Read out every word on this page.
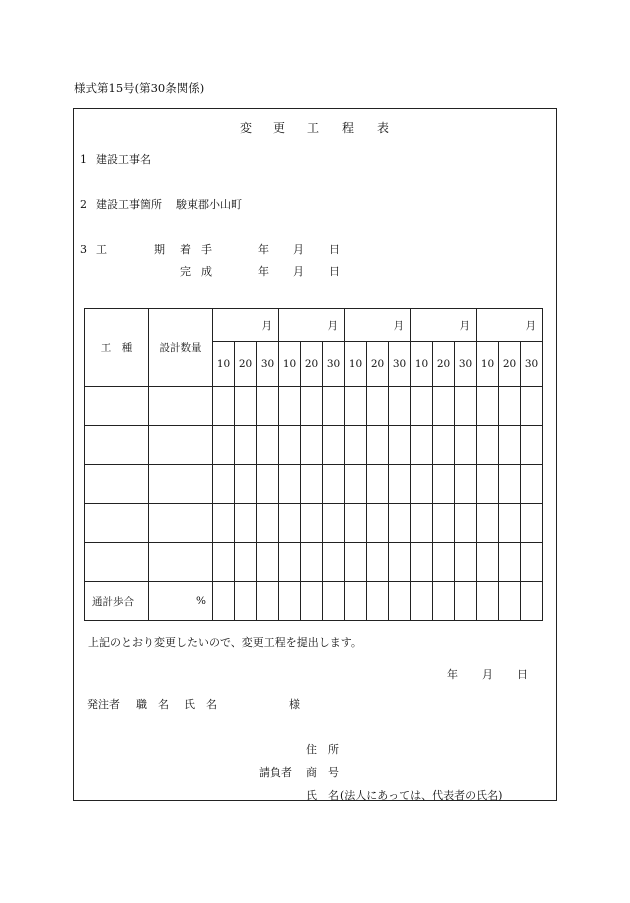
様式第15号(第30条関係)
変 更 工 程 表
1 建設工事名
2 建設工事箇所 駿東郡小山町
3 工	期 着 手	年 月 日
完 成	年 月 日
工　種	設計数量	月			月			月			月			月		
		10	20	30	10	20	30	10	20	30	10	20	30	10	20	30

通計歩合	%															
上記のとおり変更したいので、変更工程を提出します。
年 月 日
発注者 職　名 氏　名	様
住　所
請負者 商　号
氏　名 (法人にあっては、代表者の氏名)
